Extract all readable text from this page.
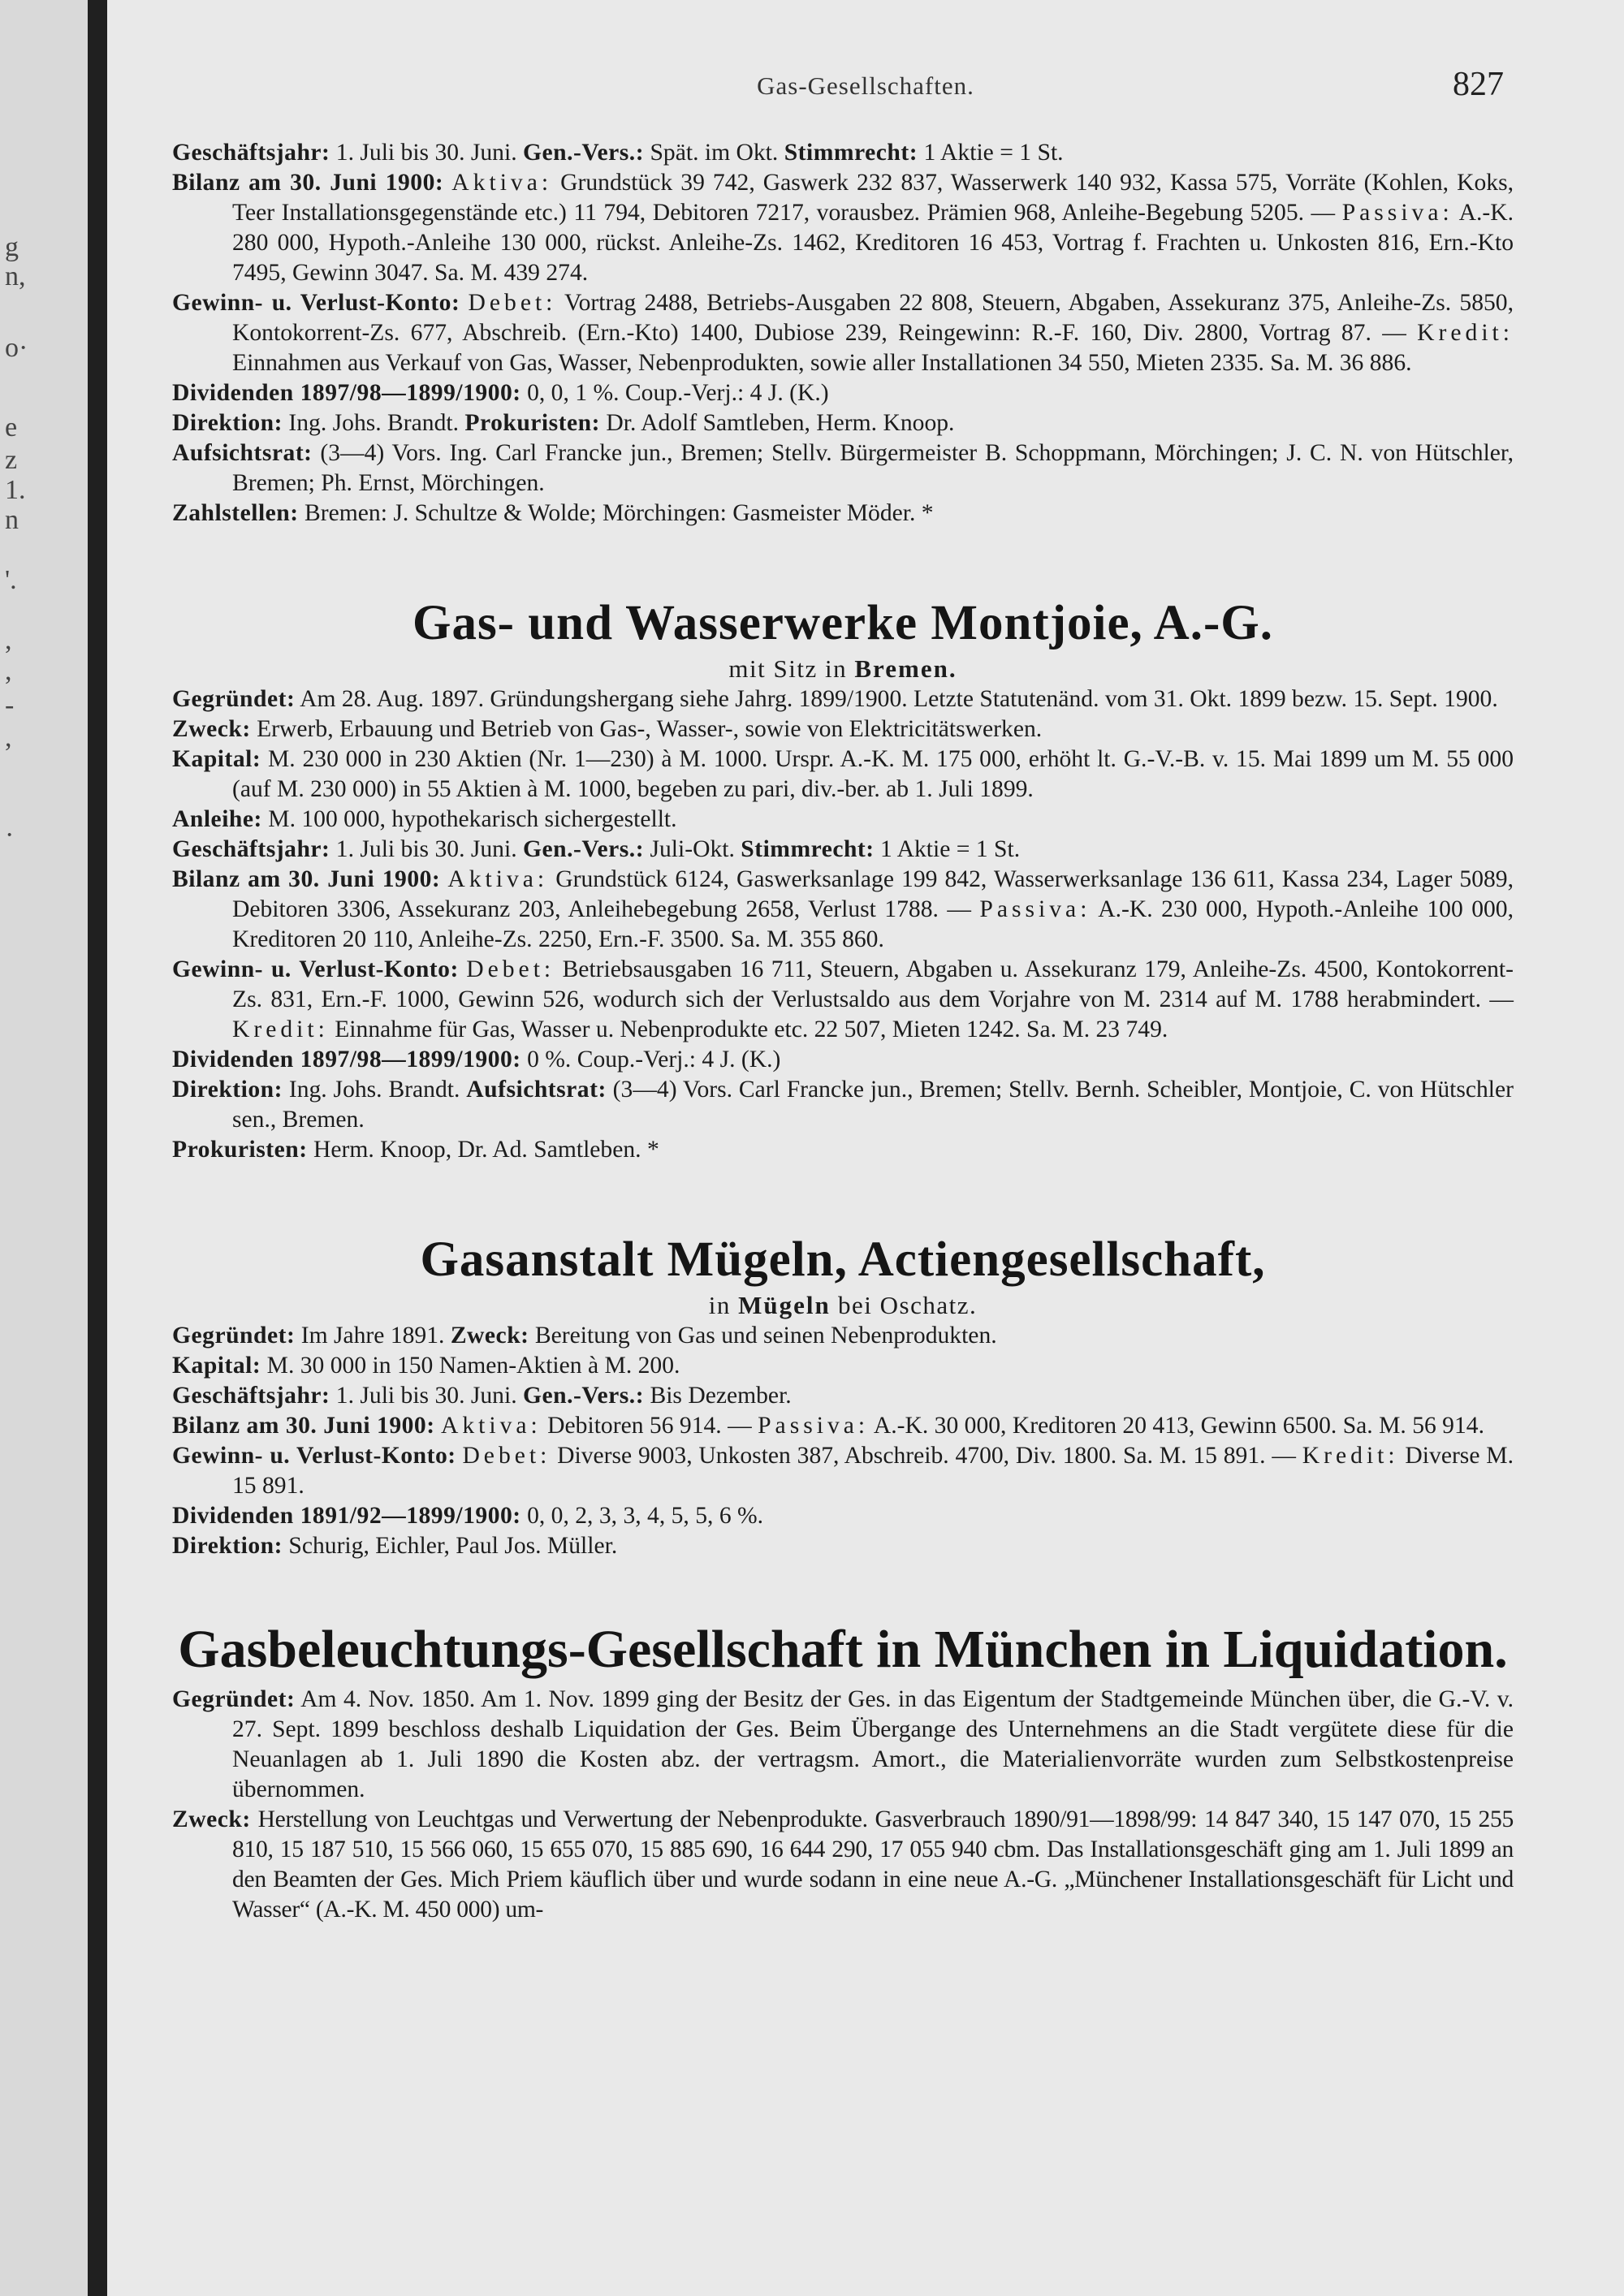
g
n,
o·
e
z
1.
n
'.
,
,
-
,
·
Gas-Gesellschaften.	827

Geschäftsjahr: 1. Juli bis 30. Juni. Gen.-Vers.: Spät. im Okt. Stimmrecht: 1 Aktie = 1 St.

Bilanz am 30. Juni 1900: Aktiva: Grundstück 39 742, Gaswerk 232 837, Wasserwerk 140 932, Kassa 575, Vorräte (Kohlen, Koks, Teer Installationsgegenstände etc.) 11 794, Debitoren 7217, vorausbez. Prämien 968, Anleihe-Begebung 5205. — Passiva: A.-K. 280 000, Hypoth.-Anleihe 130 000, rückst. Anleihe-Zs. 1462, Kreditoren 16 453, Vortrag f. Frachten u. Unkosten 816, Ern.-Kto 7495, Gewinn 3047. Sa. M. 439 274.

Gewinn- u. Verlust-Konto: Debet: Vortrag 2488, Betriebs-Ausgaben 22 808, Steuern, Abgaben, Assekuranz 375, Anleihe-Zs. 5850, Kontokorrent-Zs. 677, Abschreib. (Ern.-Kto) 1400, Dubiose 239, Reingewinn: R.-F. 160, Div. 2800, Vortrag 87. — Kredit: Einnahmen aus Verkauf von Gas, Wasser, Nebenprodukten, sowie aller Installationen 34 550, Mieten 2335. Sa. M. 36 886.

Dividenden 1897/98—1899/1900: 0, 0, 1 %. Coup.-Verj.: 4 J. (K.)

Direktion: Ing. Johs. Brandt. Prokuristen: Dr. Adolf Samtleben, Herm. Knoop.

Aufsichtsrat: (3—4) Vors. Ing. Carl Francke jun., Bremen; Stellv. Bürgermeister B. Schoppmann, Mörchingen; J. C. N. von Hütschler, Bremen; Ph. Ernst, Mörchingen.

Zahlstellen: Bremen: J. Schultze & Wolde; Mörchingen: Gasmeister Möder. *

Gas- und Wasserwerke Montjoie, A.-G.

mit Sitz in Bremen.

Gegründet: Am 28. Aug. 1897. Gründungshergang siehe Jahrg. 1899/1900. Letzte Statutenänd. vom 31. Okt. 1899 bezw. 15. Sept. 1900.

Zweck: Erwerb, Erbauung und Betrieb von Gas-, Wasser-, sowie von Elektricitätswerken.

Kapital: M. 230 000 in 230 Aktien (Nr. 1—230) à M. 1000. Urspr. A.-K. M. 175 000, erhöht lt. G.-V.-B. v. 15. Mai 1899 um M. 55 000 (auf M. 230 000) in 55 Aktien à M. 1000, begeben zu pari, div.-ber. ab 1. Juli 1899.

Anleihe: M. 100 000, hypothekarisch sichergestellt.

Geschäftsjahr: 1. Juli bis 30. Juni. Gen.-Vers.: Juli-Okt. Stimmrecht: 1 Aktie = 1 St.

Bilanz am 30. Juni 1900: Aktiva: Grundstück 6124, Gaswerksanlage 199 842, Wasserwerksanlage 136 611, Kassa 234, Lager 5089, Debitoren 3306, Assekuranz 203, Anleihebegebung 2658, Verlust 1788. — Passiva: A.-K. 230 000, Hypoth.-Anleihe 100 000, Kreditoren 20 110, Anleihe-Zs. 2250, Ern.-F. 3500. Sa. M. 355 860.

Gewinn- u. Verlust-Konto: Debet: Betriebsausgaben 16 711, Steuern, Abgaben u. Assekuranz 179, Anleihe-Zs. 4500, Kontokorrent-Zs. 831, Ern.-F. 1000, Gewinn 526, wodurch sich der Verlustsaldo aus dem Vorjahre von M. 2314 auf M. 1788 herabmindert. — Kredit: Einnahme für Gas, Wasser u. Nebenprodukte etc. 22 507, Mieten 1242. Sa. M. 23 749.

Dividenden 1897/98—1899/1900: 0 %. Coup.-Verj.: 4 J. (K.)

Direktion: Ing. Johs. Brandt. Aufsichtsrat: (3—4) Vors. Carl Francke jun., Bremen; Stellv. Bernh. Scheibler, Montjoie, C. von Hütschler sen., Bremen.

Prokuristen: Herm. Knoop, Dr. Ad. Samtleben. *

Gasanstalt Mügeln, Actiengesellschaft,

in Mügeln bei Oschatz.

Gegründet: Im Jahre 1891. Zweck: Bereitung von Gas und seinen Nebenprodukten.

Kapital: M. 30 000 in 150 Namen-Aktien à M. 200.

Geschäftsjahr: 1. Juli bis 30. Juni. Gen.-Vers.: Bis Dezember.

Bilanz am 30. Juni 1900: Aktiva: Debitoren 56 914. — Passiva: A.-K. 30 000, Kreditoren 20 413, Gewinn 6500. Sa. M. 56 914.

Gewinn- u. Verlust-Konto: Debet: Diverse 9003, Unkosten 387, Abschreib. 4700, Div. 1800. Sa. M. 15 891. — Kredit: Diverse M. 15 891.

Dividenden 1891/92—1899/1900: 0, 0, 2, 3, 3, 4, 5, 5, 6 %.

Direktion: Schurig, Eichler, Paul Jos. Müller.

Gasbeleuchtungs-Gesellschaft in München in Liquidation.

Gegründet: Am 4. Nov. 1850. Am 1. Nov. 1899 ging der Besitz der Ges. in das Eigentum der Stadtgemeinde München über, die G.-V. v. 27. Sept. 1899 beschloss deshalb Liquidation der Ges. Beim Übergange des Unternehmens an die Stadt vergütete diese für die Neuanlagen ab 1. Juli 1890 die Kosten abz. der vertragsm. Amort., die Materialienvorräte wurden zum Selbstkostenpreise übernommen.

Zweck: Herstellung von Leuchtgas und Verwertung der Nebenprodukte. Gasverbrauch 1890/91—1898/99: 14 847 340, 15 147 070, 15 255 810, 15 187 510, 15 566 060, 15 655 070, 15 885 690, 16 644 290, 17 055 940 cbm. Das Installationsgeschäft ging am 1. Juli 1899 an den Beamten der Ges. Mich Priem käuflich über und wurde sodann in eine neue A.-G. „Münchener Installationsgeschäft für Licht und Wasser“ (A.-K. M. 450 000) um-
